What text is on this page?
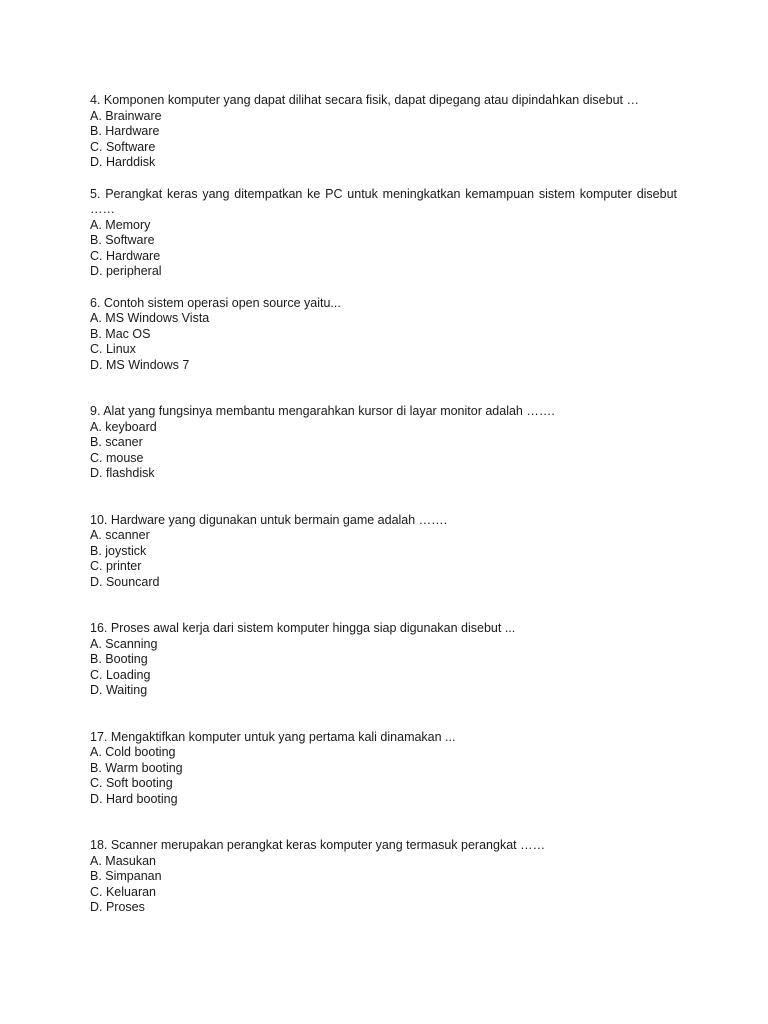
4. Komponen komputer yang dapat dilihat secara fisik, dapat dipegang atau dipindahkan disebut …
A. Brainware
B. Hardware
C. Software
D. Harddisk
5. Perangkat keras yang ditempatkan ke PC untuk meningkatkan kemampuan sistem komputer disebut ……
A. Memory
B. Software
C. Hardware
D. peripheral
6. Contoh sistem operasi open source yaitu...
A. MS Windows Vista
B. Mac OS
C. Linux
D. MS Windows 7
9. Alat yang fungsinya membantu mengarahkan kursor di layar monitor adalah …….
A. keyboard
B. scaner
C. mouse
D. flashdisk
10. Hardware yang digunakan untuk bermain game adalah …….
A. scanner
B. joystick
C. printer
D. Souncard
16. Proses awal kerja dari sistem komputer hingga siap digunakan disebut ...
A. Scanning
B. Booting
C. Loading
D. Waiting
17. Mengaktifkan komputer untuk yang pertama kali dinamakan ...
A. Cold booting
B. Warm booting
C. Soft booting
D. Hard booting
18. Scanner merupakan perangkat keras komputer yang termasuk perangkat ……
A. Masukan
B. Simpanan
C. Keluaran
D. Proses
